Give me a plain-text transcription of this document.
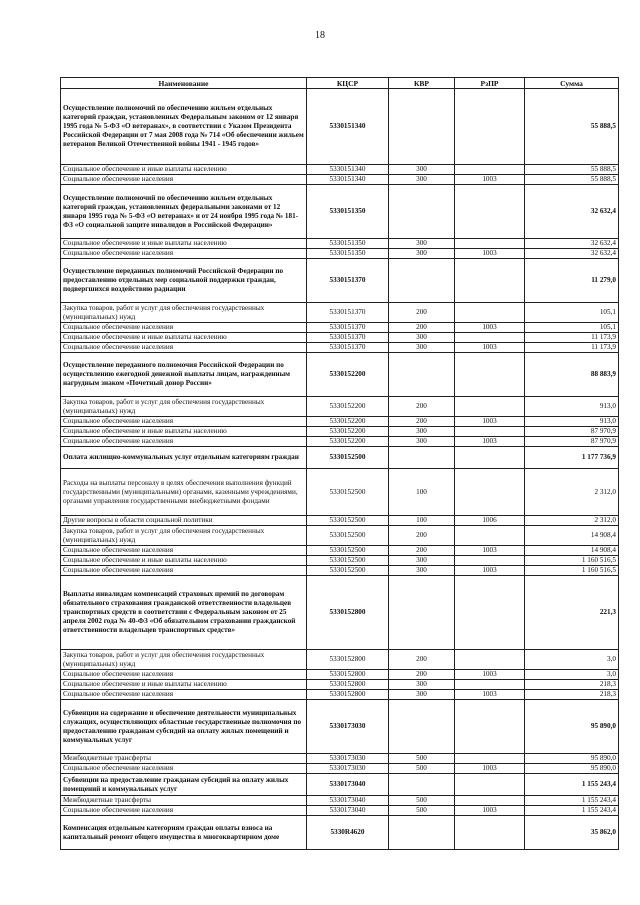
18
Наименование	КЦСР	КВР	РзПР	Сумма
Осуществление полномочий по обеспечению жильем отдельных категорий граждан, установленных Федеральным законом от 12 января 1995 года № 5-ФЗ «О ветеранах», в соответствии с Указом Президента Российской Федерации от 7 мая 2008 года № 714 «Об обеспечении жильем ветеранов Великой Отечественной войны 1941 - 1945 годов»	5330151340			55 888,5
Социальное обеспечение и иные выплаты населению	5330151340	300		55 888,5
Социальное обеспечение населения	5330151340	300	1003	55 888,5
Осуществление полномочий по обеспечению жильем отдельных категорий граждан, установленных федеральными законами от 12 января 1995 года № 5-ФЗ «О ветеранах» и от 24 ноября 1995 года № 181-ФЗ «О социальной защите инвалидов в Российской Федерации»	5330151350			32 632,4
Социальное обеспечение и иные выплаты населению	5330151350	300		32 632,4
Социальное обеспечение населения	5330151350	300	1003	32 632,4
Осуществление переданных полномочий Российской Федерации по предоставлению отдельных мер социальной поддержки граждан, подвергшихся воздействию радиации	5330151370			11 279,0
Закупка товаров, работ и услуг для обеспечения государственных (муниципальных) нужд	5330151370	200		105,1
Социальное обеспечение населения	5330151370	200	1003	105,1
Социальное обеспечение и иные выплаты населению	5330151370	300		11 173,9
Социальное обеспечение населения	5330151370	300	1003	11 173,9
Осуществление переданного полномочия Российской Федерации по осуществлению ежегодной денежной выплаты лицам, награжденным нагрудным знаком «Почетный донор России»	5330152200			88 883,9
Закупка товаров, работ и услуг для обеспечения государственных (муниципальных) нужд	5330152200	200		913,0
Социальное обеспечение населения	5330152200	200	1003	913,0
Социальное обеспечение и иные выплаты населению	5330152200	300		87 970,9
Социальное обеспечение населения	5330152200	300	1003	87 970,9
Оплата жилищно-коммунальных услуг отдельным категориям граждан	5330152500			1 177 736,9
Расходы на выплаты персоналу в целях обеспечения выполнения функций государственными (муниципальными) органами, казенными учреждениями, органами управления государственными внебюджетными фондами	5330152500	100		2 312,0
Другие вопросы в области социальной политики	5330152500	100	1006	2 312,0
Закупка товаров, работ и услуг для обеспечения государственных (муниципальных) нужд	5330152500	200		14 908,4
Социальное обеспечение населения	5330152500	200	1003	14 908,4
Социальное обеспечение и иные выплаты населению	5330152500	300		1 160 516,5
Социальное обеспечение населения	5330152500	300	1003	1 160 516,5
Выплаты инвалидам компенсаций страховых премий по договорам обязательного страхования гражданской ответственности владельцев транспортных средств в соответствии с Федеральным законом от 25 апреля 2002 года № 40-ФЗ «Об обязательном страховании гражданской ответственности владельцев транспортных средств»	5330152800			221,3
Закупка товаров, работ и услуг для обеспечения государственных (муниципальных) нужд	5330152800	200		3,0
Социальное обеспечение населения	5330152800	200	1003	3,0
Социальное обеспечение и иные выплаты населению	5330152800	300		218,3
Социальное обеспечение населения	5330152800	300	1003	218,3
Субвенции на содержание и обеспечение деятельности муниципальных служащих, осуществляющих областные государственные полномочия по предоставлению гражданам субсидий на оплату жилых помещений и коммунальных услуг	5330173030			95 890,0
Межбюджетные трансферты	5330173030	500		95 890,0
Социальное обеспечение населения	5330173030	500	1003	95 890,0
Субвенции на предоставление гражданам субсидий на оплату жилых помещений и коммунальных услуг	5330173040			1 155 243,4
Межбюджетные трансферты	5330173040	500		1 155 243,4
Социальное обеспечение населения	5330173040	500	1003	1 155 243,4
Компенсация отдельным категориям граждан оплаты взноса на капитальный ремонт общего имущества в многоквартирном доме	5330R4620			35 862,0
